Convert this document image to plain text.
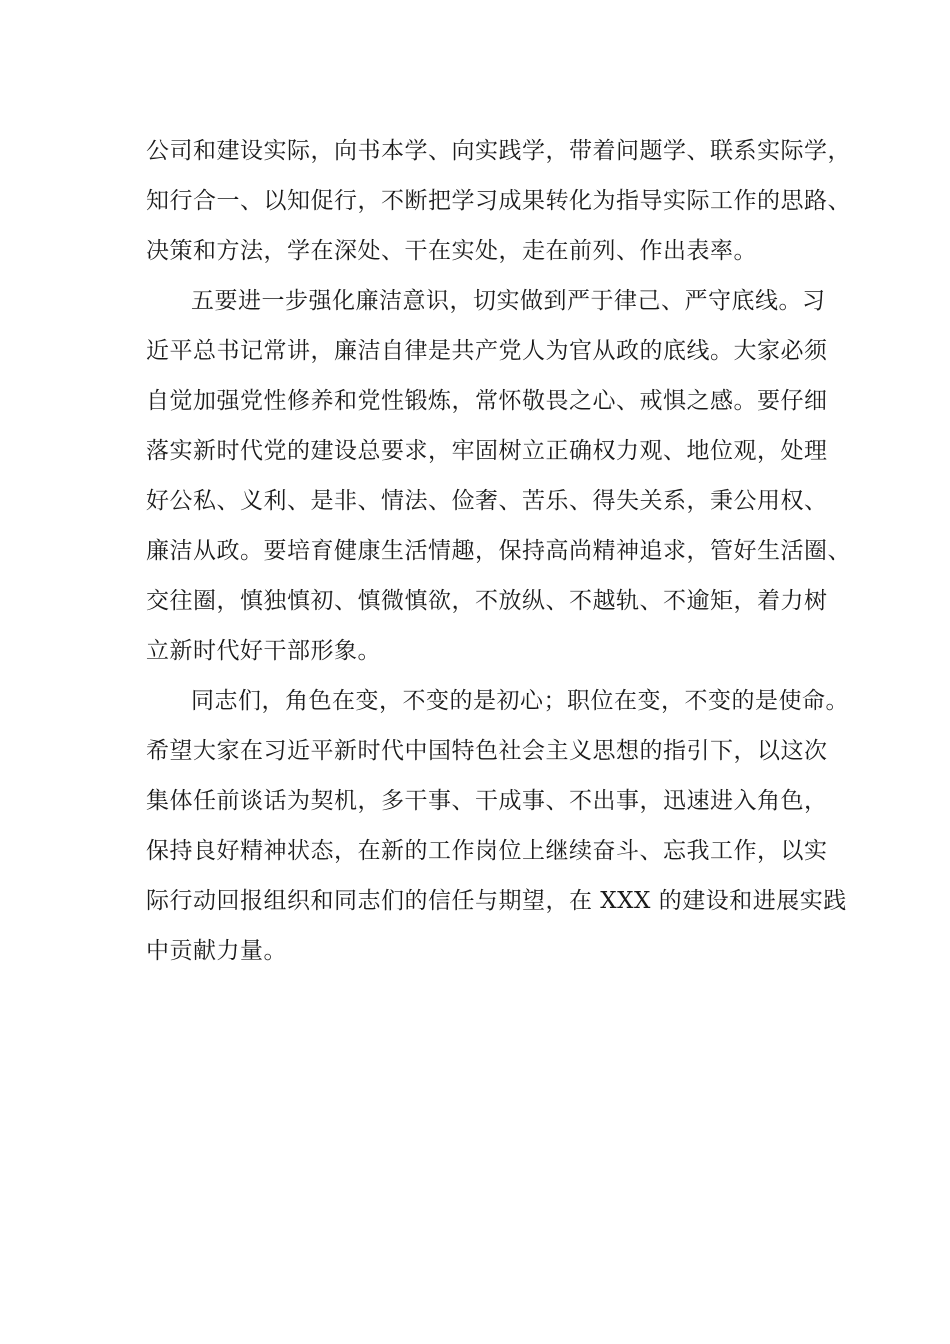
公司和建设实际，向书本学、向实践学，带着问题学、联系实际学，
知行合一、以知促行，不断把学习成果转化为指导实际工作的思路、
决策和方法，学在深处、干在实处，走在前列、作出表率。
五要进一步强化廉洁意识，切实做到严于律己、严守底线。习
近平总书记常讲，廉洁自律是共产党人为官从政的底线。大家必须
自觉加强党性修养和党性锻炼，常怀敬畏之心、戒惧之感。要仔细
落实新时代党的建设总要求，牢固树立正确权力观、地位观，处理
好公私、义利、是非、情法、俭奢、苦乐、得失关系，秉公用权、
廉洁从政。要培育健康生活情趣，保持高尚精神追求，管好生活圈、
交往圈，慎独慎初、慎微慎欲，不放纵、不越轨、不逾矩，着力树
立新时代好干部形象。
同志们，角色在变，不变的是初心；职位在变，不变的是使命。
希望大家在习近平新时代中国特色社会主义思想的指引下，以这次
集体任前谈话为契机，多干事、干成事、不出事，迅速进入角色，
保持良好精神状态，在新的工作岗位上继续奋斗、忘我工作，以实
际行动回报组织和同志们的信任与期望，在 XXX 的建设和进展实践
中贡献力量。
